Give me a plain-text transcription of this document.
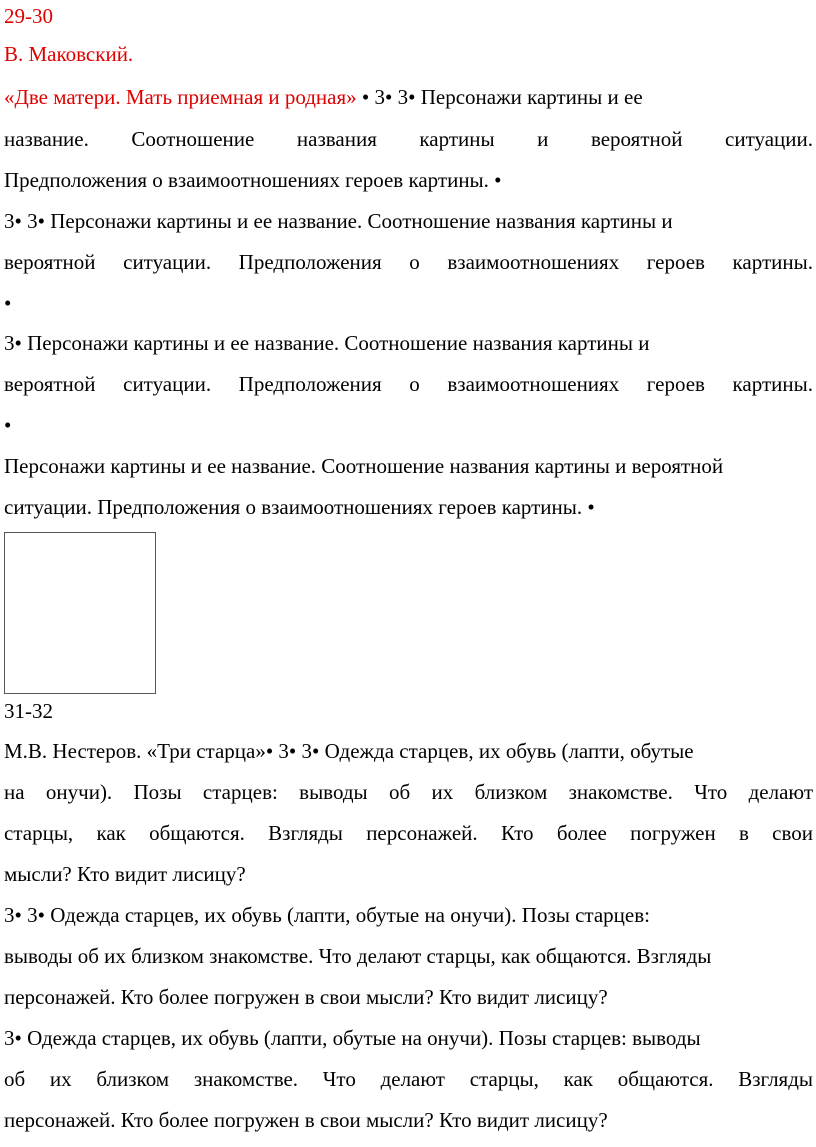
29-30
В. Маковский.
«Две матери. Мать приемная и родная» • 3• 3• Персонажи картины и ее
название. Соотношение названия картины и вероятной ситуации.
Предположения о взаимоотношениях героев картины. •
3• 3• Персонажи картины и ее название. Соотношение названия картины и
вероятной ситуации. Предположения о взаимоотношениях героев картины.
•
3• Персонажи картины и ее название. Соотношение названия картины и
вероятной ситуации. Предположения о взаимоотношениях героев картины.
•
Персонажи картины и ее название. Соотношение названия картины и вероятной
ситуации. Предположения о взаимоотношениях героев картины. •
31-32
М.В. Нестеров. «Три старца»• 3• 3• Одежда старцев, их обувь (лапти, обутые
на онучи). Позы старцев: выводы об их близком знакомстве. Что делают
старцы, как общаются. Взгляды персонажей. Кто более погружен в свои
мысли? Кто видит лисицу?
3• 3• Одежда старцев, их обувь (лапти, обутые на онучи). Позы старцев:
выводы об их близком знакомстве. Что делают старцы, как общаются. Взгляды
персонажей. Кто более погружен в свои мысли? Кто видит лисицу?
3• Одежда старцев, их обувь (лапти, обутые на онучи). Позы старцев: выводы
об их близком знакомстве. Что делают старцы, как общаются. Взгляды
персонажей. Кто более погружен в свои мысли? Кто видит лисицу?
